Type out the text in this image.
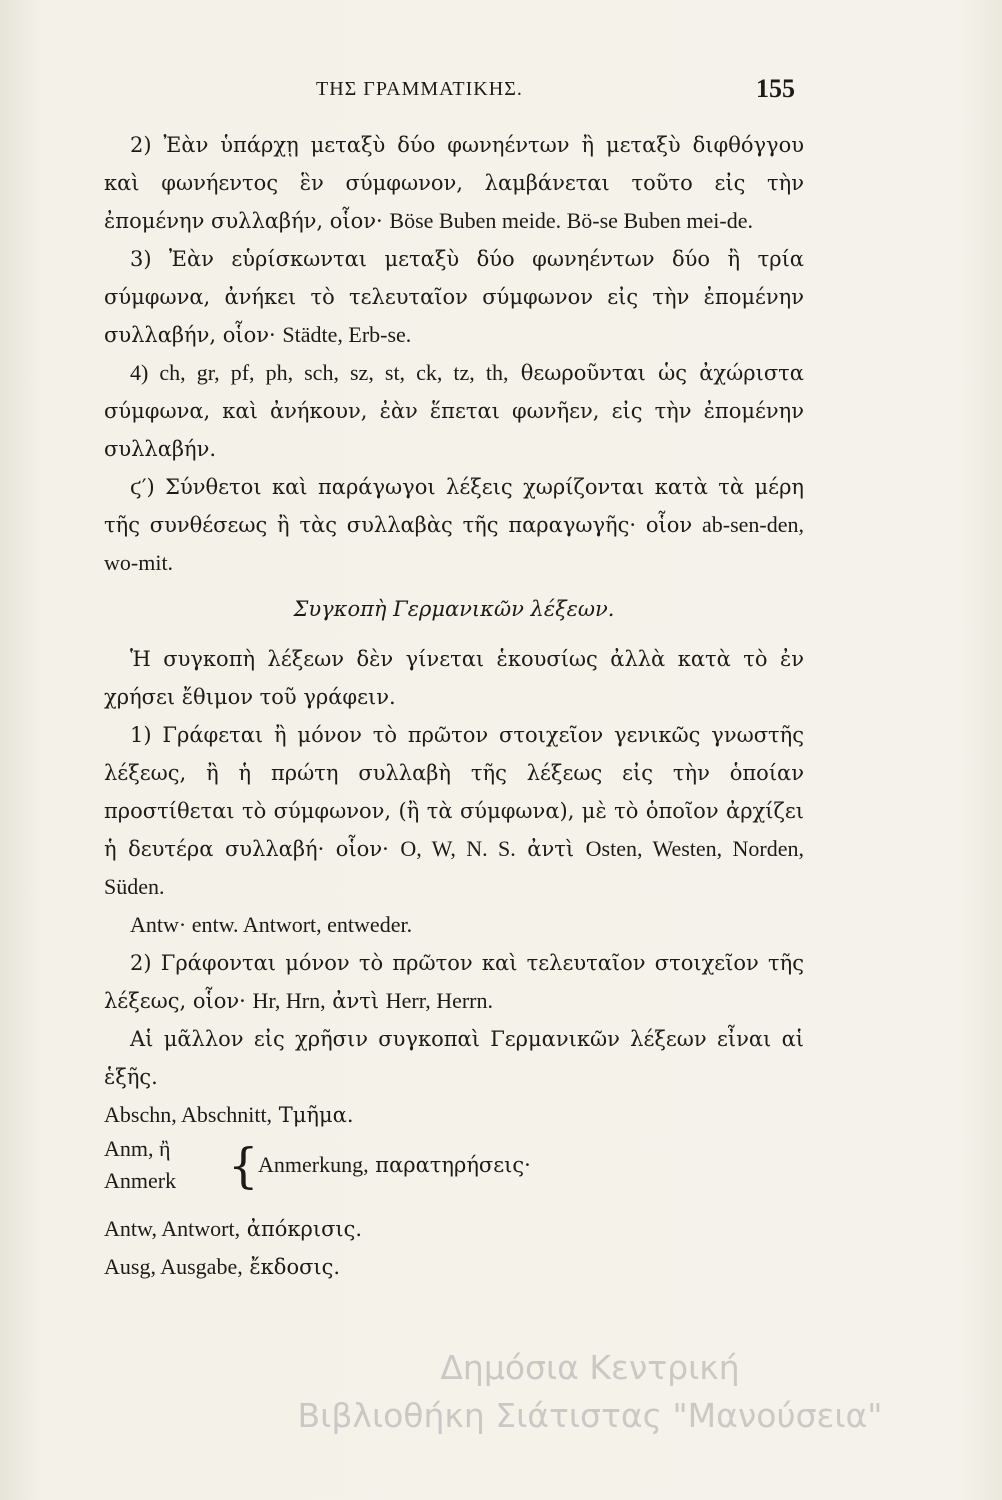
ΤΗΣ ΓΡΑΜΜΑΤΙΚΗΣ.	155

2) Ἐὰν ὑπάρχῃ μεταξὺ δύο φωνηέντων ἢ μεταξὺ διφθόγγου καὶ φωνήεντος ἓν σύμφωνον, λαμβάνεται τοῦτο εἰς τὴν ἐπομένην συλλαβήν, οἷον· Böse Buben meide. Bö-se Buben mei-de.

3) Ἐὰν εὑρίσκωνται μεταξὺ δύο φωνηέντων δύο ἢ τρία σύμφωνα, ἀνήκει τὸ τελευταῖον σύμφωνον εἰς τὴν ἐπομένην συλλαβήν, οἷον· Städte, Erb-se.

4) ch, gr, pf, ph, sch, sz, st, ck, tz, th, θεωροῦνται ὡς ἀχώριστα σύμφωνα, καὶ ἀνήκουν, ἐὰν ἕπεται φωνῆεν, εἰς τὴν ἐπομένην συλλαβήν.

ϛ′) Σύνθετοι καὶ παράγωγοι λέξεις χωρίζονται κατὰ τὰ μέρη τῆς συνθέσεως ἢ τὰς συλλαβὰς τῆς παραγωγῆς· οἷον ab-sen-den, wo-mit.

Συγκοπὴ Γερμανικῶν λέξεων.

Ἡ συγκοπὴ λέξεων δὲν γίνεται ἑκουσίως ἀλλὰ κατὰ τὸ ἐν χρήσει ἔθιμον τοῦ γράφειν.

1) Γράφεται ἢ μόνον τὸ πρῶτον στοιχεῖον γενικῶς γνωστῆς λέξεως, ἢ ἡ πρώτη συλλαβὴ τῆς λέξεως εἰς τὴν ὁποίαν προστίθεται τὸ σύμφωνον, (ἢ τὰ σύμφωνα), μὲ τὸ ὁποῖον ἀρχίζει ἡ δευτέρα συλλαβή· οἷον· O, W, N. S. ἀντὶ Osten, Westen, Norden, Süden.

Antw· entw. Antwort, entweder.

2) Γράφονται μόνον τὸ πρῶτον καὶ τελευταῖον στοιχεῖον τῆς λέξεως, οἷον· Hr, Hrn, ἀντὶ Herr, Herrn.

Αἱ μᾶλλον εἰς χρῆσιν συγκοπαὶ Γερμανικῶν λέξεων εἶναι αἱ ἑξῆς.

Abschn, Abschnitt, Τμῆμα.

Anm, ἢ
Anmerk { Anmerkung, παρατηρήσεις·

Antw, Antwort, ἀπόκρισις.

Ausg, Ausgabe, ἔκδοσις.

Δημόσια Κεντρική
Βιβλιοθήκη Σιάτιστας "Μανούσεια"
